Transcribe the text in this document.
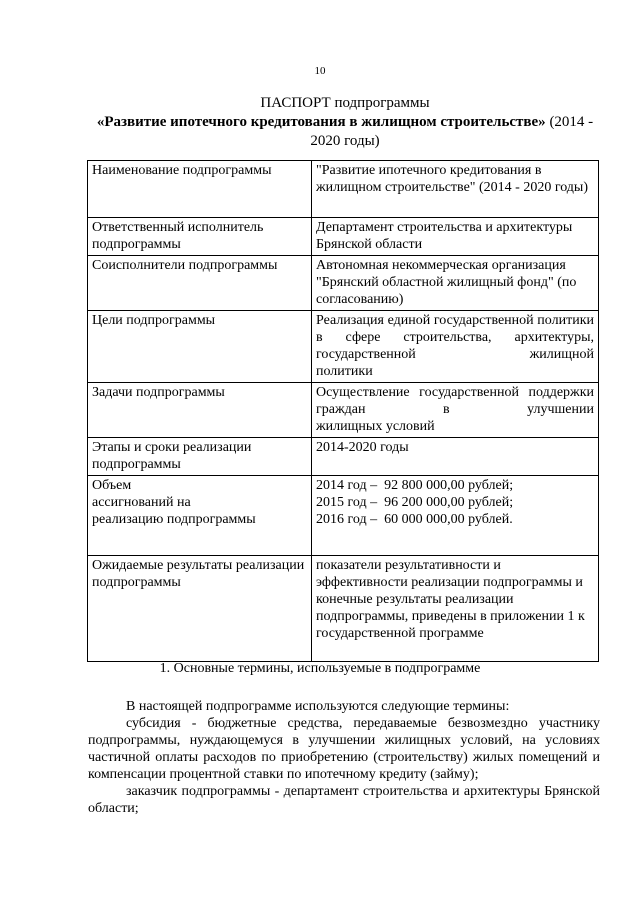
10
ПАСПОРТ подпрограммы
«Развитие ипотечного кредитования в жилищном строительстве» (2014 - 2020 годы)
Наименование подпрограммы	"Развитие ипотечного кредитования в жилищном строительстве" (2014 - 2020 годы)
Ответственный исполнитель подпрограммы	Департамент строительства и архитектуры Брянской области
Соисполнители подпрограммы	Автономная некоммерческая организация "Брянский областной жилищный фонд" (по согласованию)
Цели подпрограммы	Реализация единой государственной политики в сфере строительства, архитектуры, государственной жилищной
политики

Задачи подпрограммы	Осуществление государственной поддержки граждан в улучшении
жилищных условий

Этапы и сроки реализации подпрограммы	2014-2020 годы

Объем
ассигнований на
реализацию подпрограммы	2014 год –  92 800 000,00 рублей;
2015 год –  96 200 000,00 рублей;
2016 год –  60 000 000,00 рублей.

Ожидаемые результаты реализации подпрограммы	показатели результативности и эффективности реализации подпрограммы и конечные результаты реализации подпрограммы, приведены в приложении 1 к государственной программе
1. Основные термины, используемые в подпрограмме

В настоящей подпрограмме используются следующие термины:

субсидия - бюджетные средства, передаваемые безвозмездно участнику подпрограммы, нуждающемуся в улучшении жилищных условий, на условиях частичной оплаты расходов по приобретению (строительству) жилых помещений и компенсации процентной ставки по ипотечному кредиту (займу);

заказчик подпрограммы - департамент строительства и архитектуры Брянской области;
